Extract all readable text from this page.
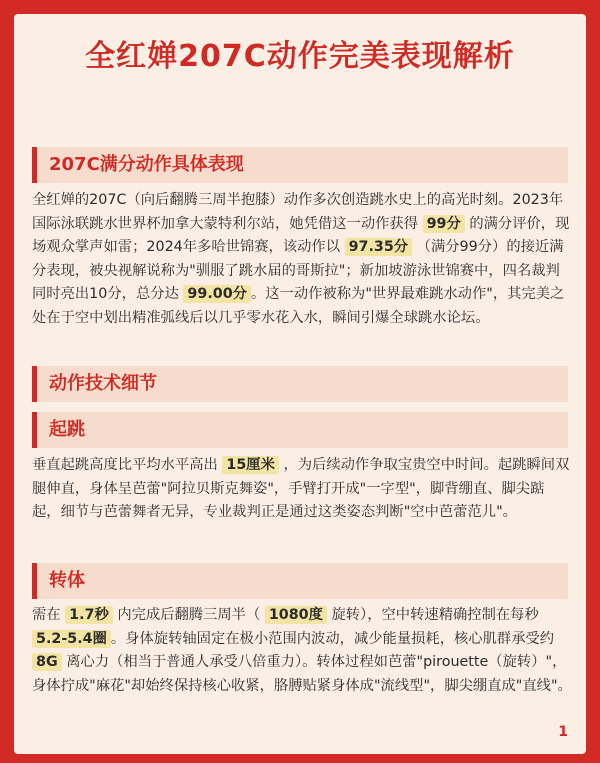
全红婵207C动作完美表现解析
207C满分动作具体表现

全红婵的207C（向后翻腾三周半抱膝）动作多次创造跳水史上的高光时刻。2023年国际泳联跳水世界杯加拿大蒙特利尔站，她凭借这一动作获得 99分 的满分评价，现场观众掌声如雷；2024年多哈世锦赛，该动作以 97.35分 （满分99分）的接近满分表现，被央视解说称为"驯服了跳水届的哥斯拉"；新加坡游泳世锦赛中，四名裁判同时亮出10分，总分达 99.00分 。这一动作被称为"世界最难跳水动作"，其完美之处在于空中划出精准弧线后以几乎零水花入水，瞬间引爆全球跳水论坛。

动作技术细节
起跳

垂直起跳高度比平均水平高出 15厘米 ，为后续动作争取宝贵空中时间。起跳瞬间双腿伸直，身体呈芭蕾"阿拉贝斯克舞姿"，手臂打开成"一字型"，脚背绷直、脚尖踮起，细节与芭蕾舞者无异，专业裁判正是通过这类姿态判断"空中芭蕾范儿"。

转体

需在 1.7秒 内完成后翻腾三周半（ 1080度 旋转），空中转速精确控制在每秒 5.2-5.4圈 。身体旋转轴固定在极小范围内波动，减少能量损耗，核心肌群承受约 8G 离心力（相当于普通人承受八倍重力）。转体过程如芭蕾"pirouette（旋转）"，身体拧成"麻花"却始终保持核心收紧，胳膊贴紧身体成"流线型"，脚尖绷直成"直线"。

1
